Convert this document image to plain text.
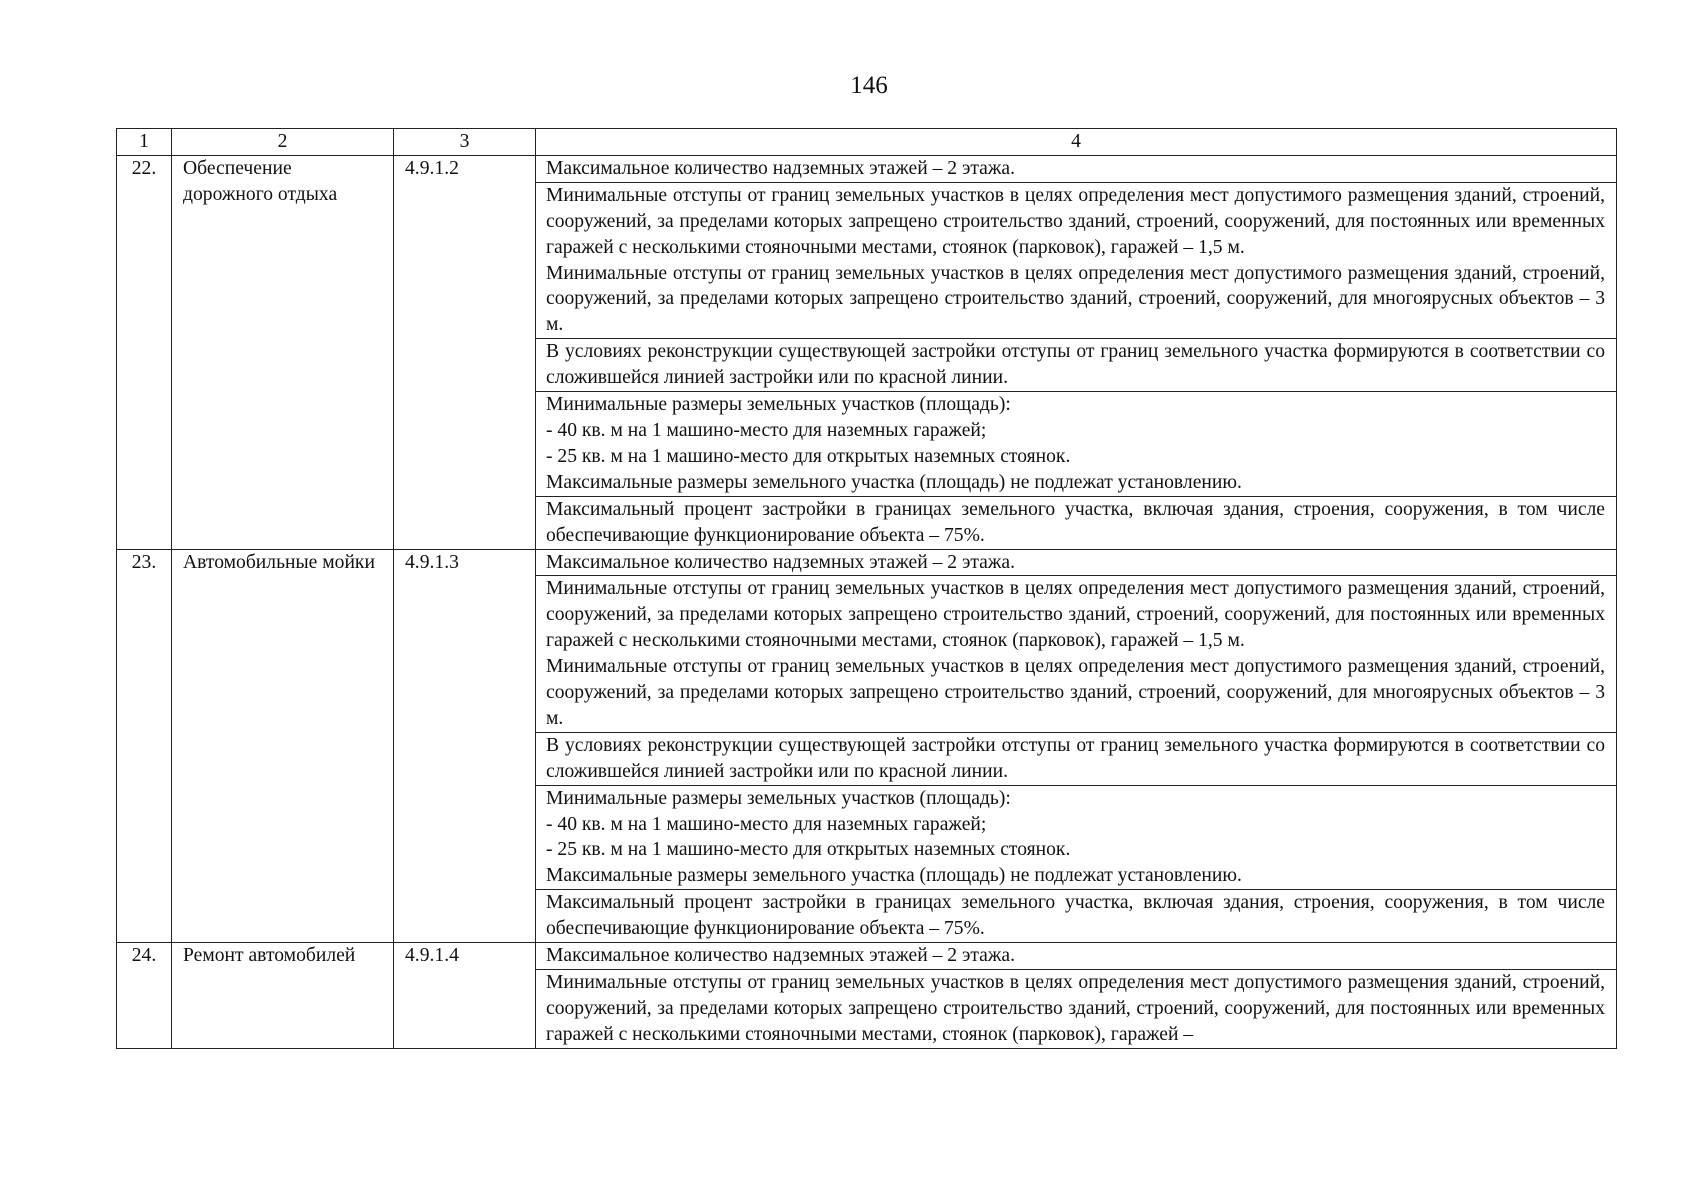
146
1	2	3	4
22.	Обеспечение дорожного отдыха	4.9.1.2	Максимальное количество надземных этажей – 2 этажа.

			Минимальные отступы от границ земельных участков в целях определения мест допустимого размещения зданий, строений, сооружений, за пределами которых запрещено строительство зданий, строений, сооружений, для постоянных или временных гаражей с несколькими стояночными местами, стоянок (парковок), гаражей – 1,5 м.
Минимальные отступы от границ земельных участков в целях определения мест допустимого размещения зданий, строений, сооружений, за пределами которых запрещено строительство зданий, строений, сооружений, для многоярусных объектов – 3 м.

			В условиях реконструкции существующей застройки отступы от границ земельного участка формируются в соответствии со сложившейся линией застройки или по красной линии.

			Минимальные размеры земельных участков (площадь):
- 40 кв. м на 1 машино-место для наземных гаражей;
- 25 кв. м на 1 машино-место для открытых наземных стоянок.
Максимальные размеры земельного участка (площадь) не подлежат установлению.

			Максимальный процент застройки в границах земельного участка, включая здания, строения, сооружения, в том числе обеспечивающие функционирование объекта – 75%.

23.	Автомобильные мойки	4.9.1.3	Максимальное количество надземных этажей – 2 этажа.

			Минимальные отступы от границ земельных участков в целях определения мест допустимого размещения зданий, строений, сооружений, за пределами которых запрещено строительство зданий, строений, сооружений, для постоянных или временных гаражей с несколькими стояночными местами, стоянок (парковок), гаражей – 1,5 м.
Минимальные отступы от границ земельных участков в целях определения мест допустимого размещения зданий, строений, сооружений, за пределами которых запрещено строительство зданий, строений, сооружений, для многоярусных объектов – 3 м.

			В условиях реконструкции существующей застройки отступы от границ земельного участка формируются в соответствии со сложившейся линией застройки или по красной линии.

			Минимальные размеры земельных участков (площадь):
- 40 кв. м на 1 машино-место для наземных гаражей;
- 25 кв. м на 1 машино-место для открытых наземных стоянок.
Максимальные размеры земельного участка (площадь) не подлежат установлению.

			Максимальный процент застройки в границах земельного участка, включая здания, строения, сооружения, в том числе обеспечивающие функционирование объекта – 75%.

24.	Ремонт автомобилей	4.9.1.4	Максимальное количество надземных этажей – 2 этажа.

			Минимальные отступы от границ земельных участков в целях определения мест допустимого размещения зданий, строений, сооружений, за пределами которых запрещено строительство зданий, строений, сооружений, для постоянных или временных гаражей с несколькими стояночными местами, стоянок (парковок), гаражей –
